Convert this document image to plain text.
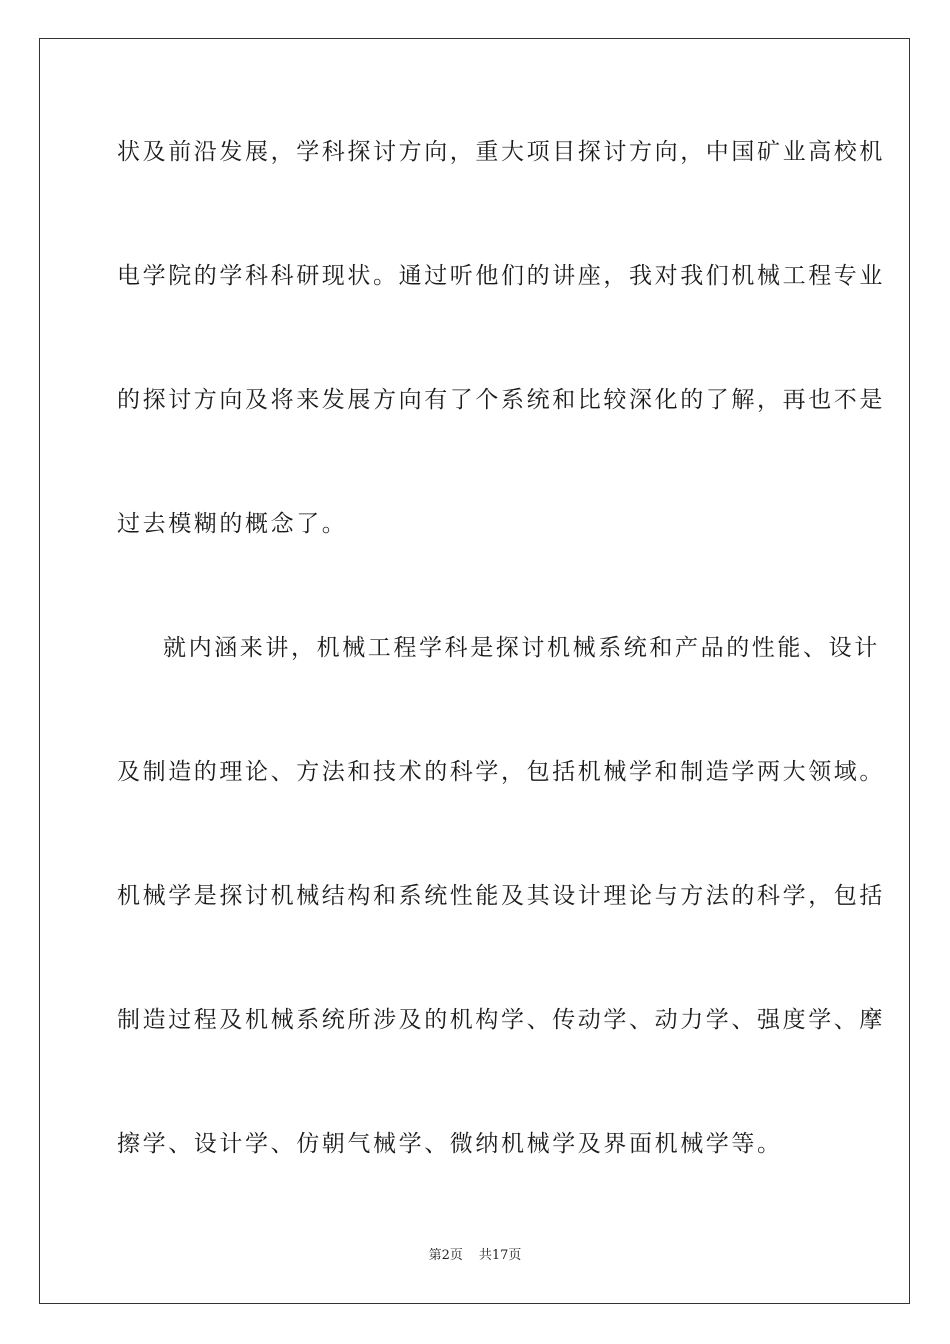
状及前沿发展，学科探讨方向，重大项目探讨方向，中国矿业高校机
电学院的学科科研现状。通过听他们的讲座，我对我们机械工程专业
的探讨方向及将来发展方向有了个系统和比较深化的了解，再也不是
过去模糊的概念了。
就内涵来讲，机械工程学科是探讨机械系统和产品的性能、设计
及制造的理论、方法和技术的科学，包括机械学和制造学两大领域。
机械学是探讨机械结构和系统性能及其设计理论与方法的科学，包括
制造过程及机械系统所涉及的机构学、传动学、动力学、强度学、摩
擦学、设计学、仿朝气械学、微纳机械学及界面机械学等。
第2页 共17页
